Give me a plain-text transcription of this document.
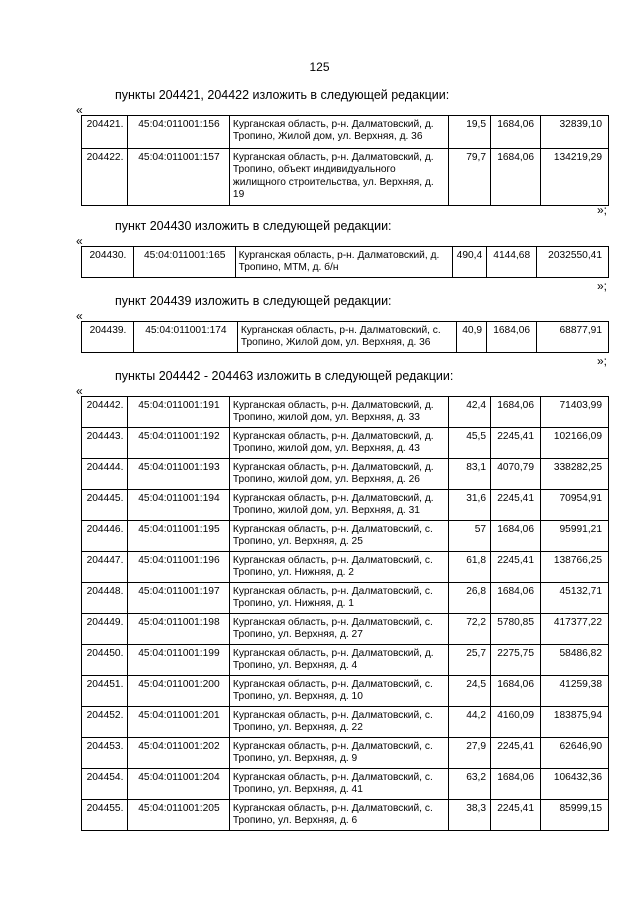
125
пункты 204421, 204422 изложить в следующей редакции:
«
204421.	45:04:011001:156	Курганская область, р-н. Далматовский, д. Тропино, Жилой дом, ул. Верхняя, д. 36	19,5	1684,06	32839,10
204422.	45:04:011001:157	Курганская область, р-н. Далматовский, д. Тропино, объект индивидуального жилищного строительства, ул. Верхняя, д. 19	79,7	1684,06	134219,29
»;
пункт 204430 изложить в следующей редакции:
«
204430.	45:04:011001:165	Курганская область, р-н. Далматовский, д. Тропино, МТМ, д. б/н	490,4	4144,68	2032550,41
»;
пункт 204439 изложить в следующей редакции:
«
204439.	45:04:011001:174	Курганская область, р-н. Далматовский, с. Тропино, Жилой дом, ул. Верхняя, д. 36	40,9	1684,06	68877,91
»;
пункты 204442 - 204463 изложить в следующей редакции:
«
204442.	45:04:011001:191	Курганская область, р-н. Далматовский, д. Тропино, жилой дом, ул. Верхняя, д. 33	42,4	1684,06	71403,99
204443.	45:04:011001:192	Курганская область, р-н. Далматовский, д. Тропино, жилой дом, ул. Верхняя, д. 43	45,5	2245,41	102166,09
204444.	45:04:011001:193	Курганская область, р-н. Далматовский, д. Тропино, жилой дом, ул. Верхняя, д. 26	83,1	4070,79	338282,25
204445.	45:04:011001:194	Курганская область, р-н. Далматовский, д. Тропино, жилой дом, ул. Верхняя, д. 31	31,6	2245,41	70954,91
204446.	45:04:011001:195	Курганская область, р-н. Далматовский, с. Тропино, ул. Верхняя, д. 25	57	1684,06	95991,21
204447.	45:04:011001:196	Курганская область, р-н. Далматовский, с. Тропино, ул. Нижняя, д. 2	61,8	2245,41	138766,25
204448.	45:04:011001:197	Курганская область, р-н. Далматовский, с. Тропино, ул. Нижняя, д. 1	26,8	1684,06	45132,71
204449.	45:04:011001:198	Курганская область, р-н. Далматовский, с. Тропино, ул. Верхняя, д. 27	72,2	5780,85	417377,22
204450.	45:04:011001:199	Курганская область, р-н. Далматовский, д. Тропино, ул. Верхняя, д. 4	25,7	2275,75	58486,82
204451.	45:04:011001:200	Курганская область, р-н. Далматовский, с. Тропино, ул. Верхняя, д. 10	24,5	1684,06	41259,38
204452.	45:04:011001:201	Курганская область, р-н. Далматовский, с. Тропино, ул. Верхняя, д. 22	44,2	4160,09	183875,94
204453.	45:04:011001:202	Курганская область, р-н. Далматовский, с. Тропино, ул. Верхняя, д. 9	27,9	2245,41	62646,90
204454.	45:04:011001:204	Курганская область, р-н. Далматовский, с. Тропино, ул. Верхняя, д. 41	63,2	1684,06	106432,36
204455.	45:04:011001:205	Курганская область, р-н. Далматовский, с. Тропино, ул. Верхняя, д. 6	38,3	2245,41	85999,15
